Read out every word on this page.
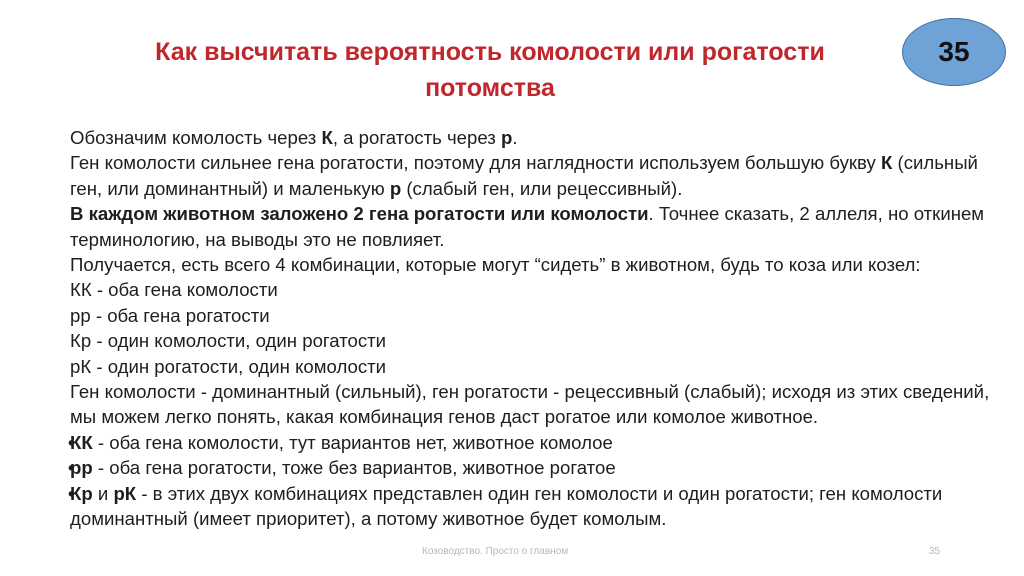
Как высчитать вероятность комолости или рогатости
потомства
35

Обозначим комолость через К, а рогатость через р.

Ген комолости сильнее гена рогатости, поэтому для наглядности используем большую букву К (сильный ген, или доминантный) и маленькую р (слабый ген, или рецессивный).

В каждом животном заложено 2 гена рогатости или комолости. Точнее сказать, 2 аллеля, но откинем терминологию, на выводы это не повлияет.

Получается, есть всего 4 комбинации, которые могут “сидеть” в животном, будь то коза или козел:

КК - оба гена комолости

рр - оба гена рогатости

Кр - один комолости, один рогатости

рК - один рогатости, один комолости

Ген комолости - доминантный (сильный), ген рогатости - рецессивный (слабый); исходя из этих сведений, мы можем легко понять, какая комбинация генов даст рогатое или комолое животное.

• КК - оба гена комолости, тут вариантов нет, животное комолое

• рр - оба гена рогатости, тоже без вариантов, животное рогатое

• Кр и рК - в этих двух комбинациях представлен один ген комолости и один рогатости; ген комолости доминантный (имеет приоритет), а потому животное будет комолым.

Козоводство. Просто о главном	35
